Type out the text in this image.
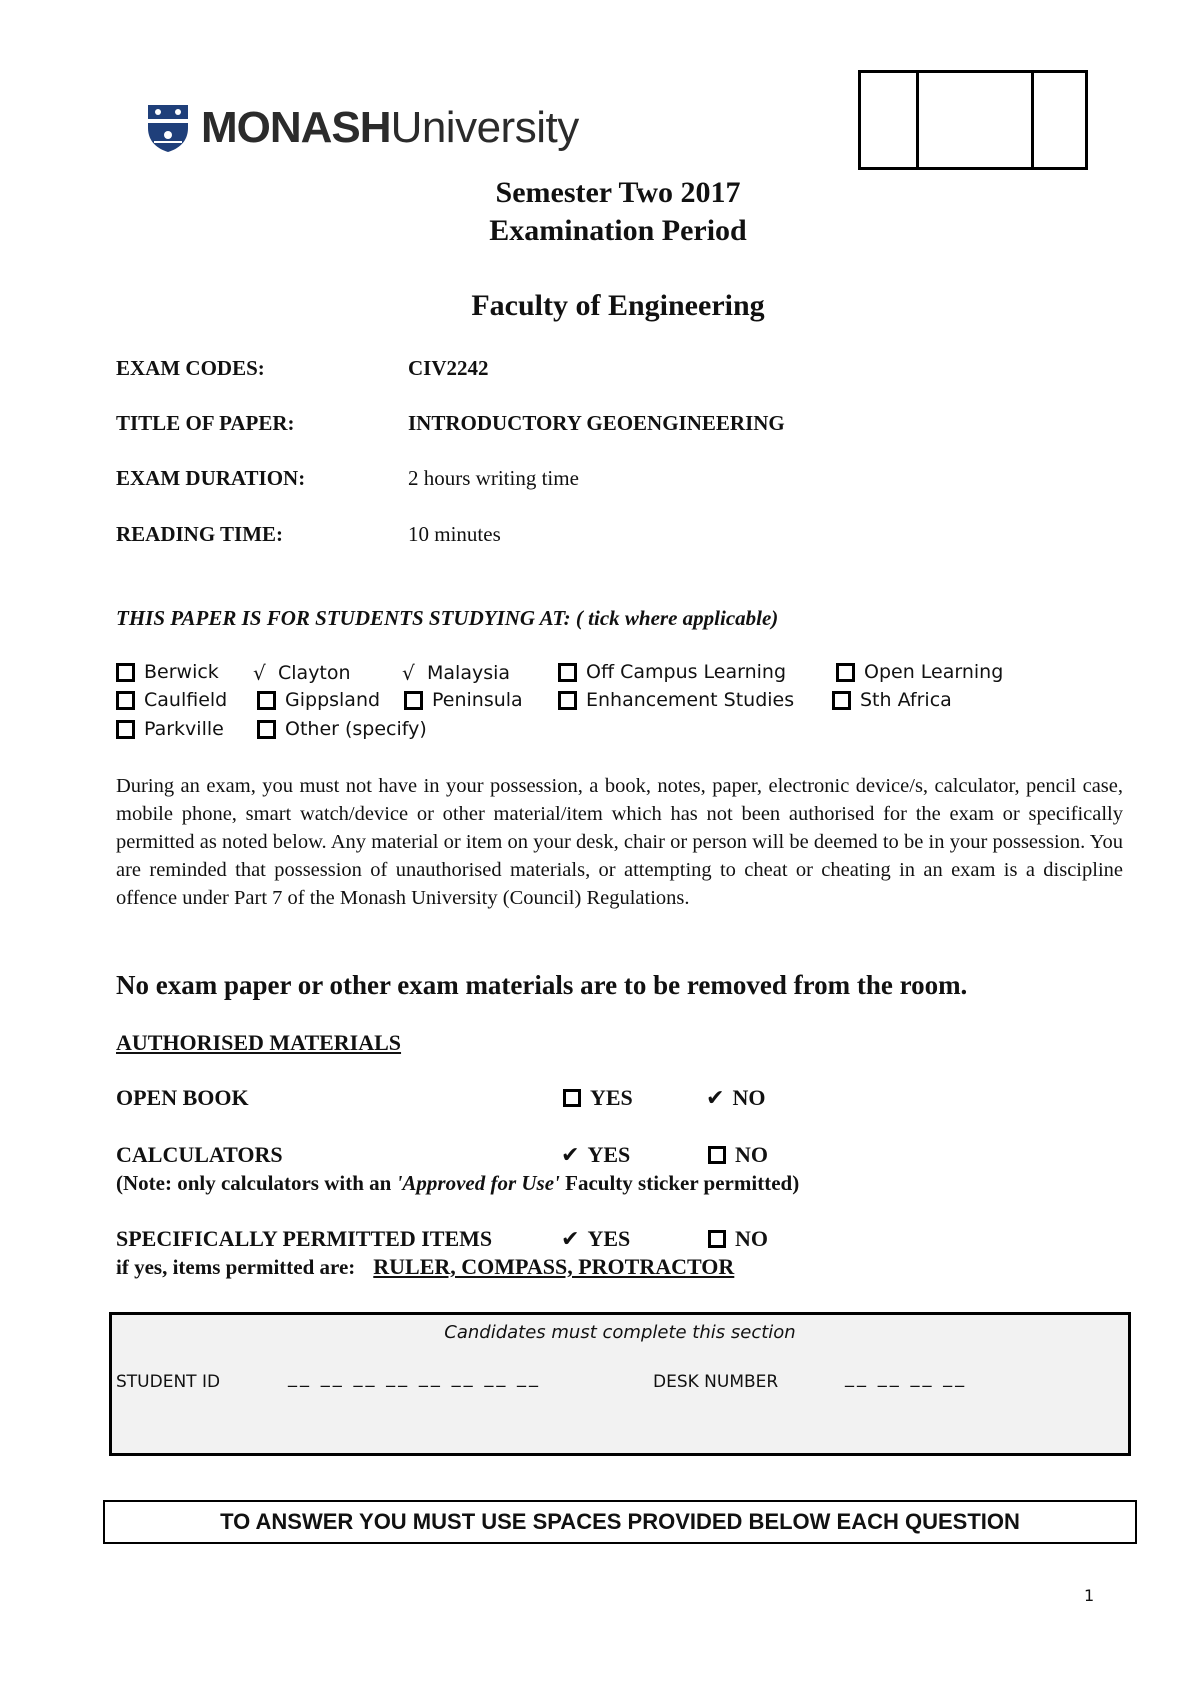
MONASHUniversity
Semester Two 2017
Examination Period
Faculty of Engineering
EXAM CODES:	CIV2242
TITLE OF PAPER:	INTRODUCTORY GEOENGINEERING
EXAM DURATION:	2 hours writing time
READING TIME:	10 minutes
THIS PAPER IS FOR STUDENTS STUDYING AT: ( tick where applicable)
Berwick √ Clayton	√ Malaysia	Off Campus Learning	Open Learning
Caulfield	Gippsland	Peninsula	Enhancement Studies	Sth Africa
Parkville	Other (specify)
During an exam, you must not have in your possession, a book, notes, paper, electronic device/s, calculator, pencil case, mobile phone, smart watch/device or other material/item which has not been authorised for the exam or specifically permitted as noted below. Any material or item on your desk, chair or person will be deemed to be in your possession. You are reminded that possession of unauthorised materials, or attempting to cheat or cheating in an exam is a discipline offence under Part 7 of the Monash University (Council) Regulations.
No exam paper or other exam materials are to be removed from the room.
AUTHORISED MATERIALS
OPEN BOOK	YES	✔ NO
CALCULATORS	✔ YES	NO
(Note: only calculators with an 'Approved for Use' Faculty sticker permitted)
SPECIFICALLY PERMITTED ITEMS	✔ YES	NO
if yes, items permitted are: RULER, COMPASS, PROTRACTOR
Candidates must complete this section
STUDENT ID	__ __ __ __ __ __ __ __	DESK NUMBER	__ __ __ __
TO ANSWER YOU MUST USE SPACES PROVIDED BELOW EACH QUESTION
1
